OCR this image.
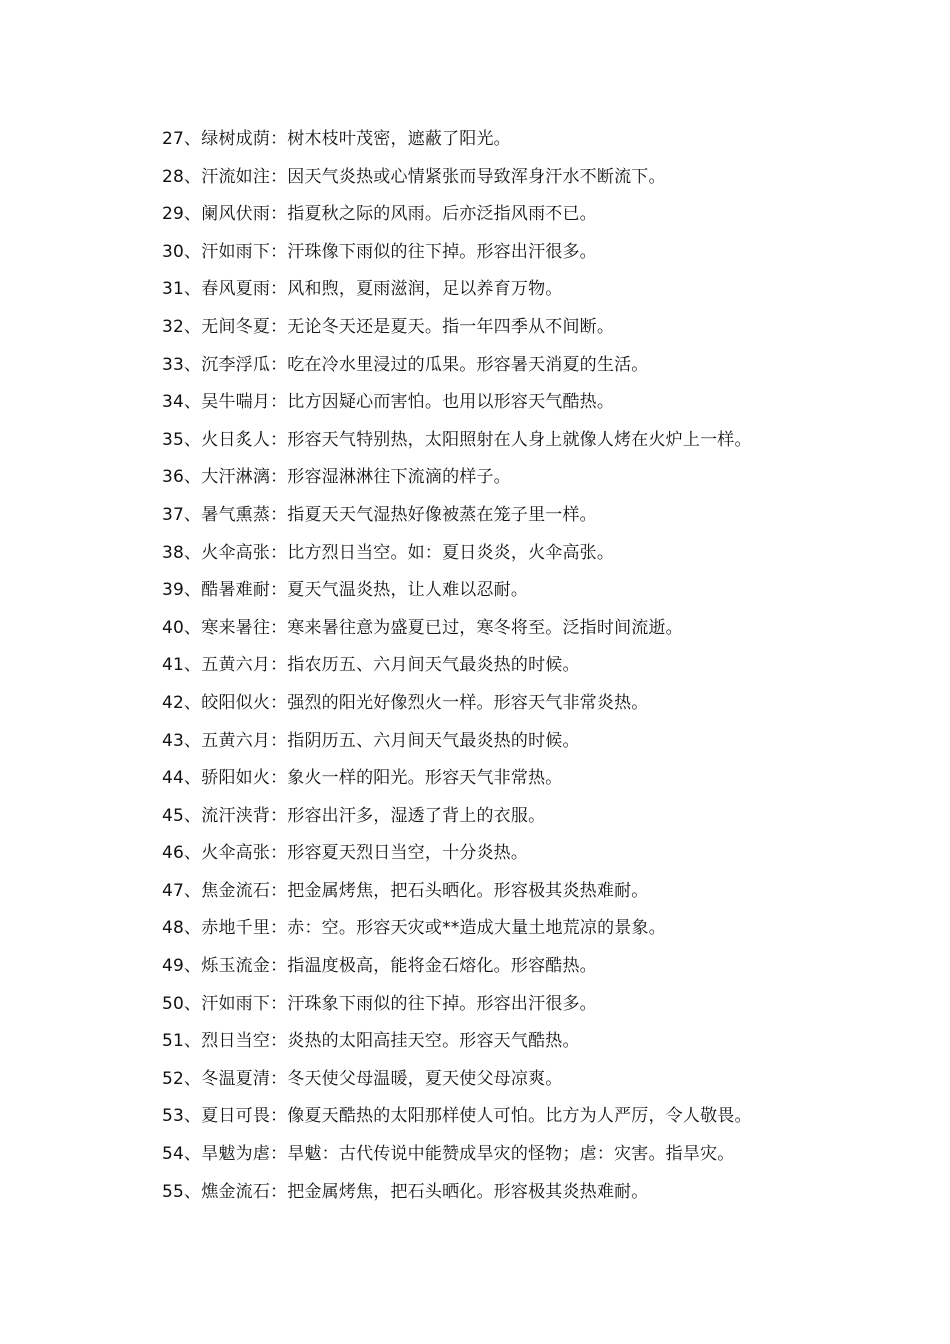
27、绿树成荫：树木枝叶茂密，遮蔽了阳光。
28、汗流如注：因天气炎热或心情紧张而导致浑身汗水不断流下。
29、阑风伏雨：指夏秋之际的风雨。后亦泛指风雨不已。
30、汗如雨下：汗珠像下雨似的往下掉。形容出汗很多。
31、春风夏雨：风和煦，夏雨滋润，足以养育万物。
32、无间冬夏：无论冬天还是夏天。指一年四季从不间断。
33、沉李浮瓜：吃在冷水里浸过的瓜果。形容暑天消夏的生活。
34、吴牛喘月：比方因疑心而害怕。也用以形容天气酷热。
35、火日炙人：形容天气特别热，太阳照射在人身上就像人烤在火炉上一样。
36、大汗淋漓：形容湿淋淋往下流滴的样子。
37、暑气熏蒸：指夏天天气湿热好像被蒸在笼子里一样。
38、火伞高张：比方烈日当空。如：夏日炎炎，火伞高张。
39、酷暑难耐：夏天气温炎热，让人难以忍耐。
40、寒来暑往：寒来暑往意为盛夏已过，寒冬将至。泛指时间流逝。
41、五黄六月：指农历五、六月间天气最炎热的时候。
42、皎阳似火：强烈的阳光好像烈火一样。形容天气非常炎热。
43、五黄六月：指阴历五、六月间天气最炎热的时候。
44、骄阳如火：象火一样的阳光。形容天气非常热。
45、流汗浃背：形容出汗多，湿透了背上的衣服。
46、火伞高张：形容夏天烈日当空，十分炎热。
47、焦金流石：把金属烤焦，把石头晒化。形容极其炎热难耐。
48、赤地千里：赤：空。形容天灾或**造成大量土地荒凉的景象。
49、烁玉流金：指温度极高，能将金石熔化。形容酷热。
50、汗如雨下：汗珠象下雨似的往下掉。形容出汗很多。
51、烈日当空：炎热的太阳高挂天空。形容天气酷热。
52、冬温夏清：冬天使父母温暖，夏天使父母凉爽。
53、夏日可畏：像夏天酷热的太阳那样使人可怕。比方为人严厉，令人敬畏。
54、旱魃为虐：旱魃：古代传说中能赞成旱灾的怪物；虐：灾害。指旱灾。
55、燋金流石：把金属烤焦，把石头晒化。形容极其炎热难耐。
